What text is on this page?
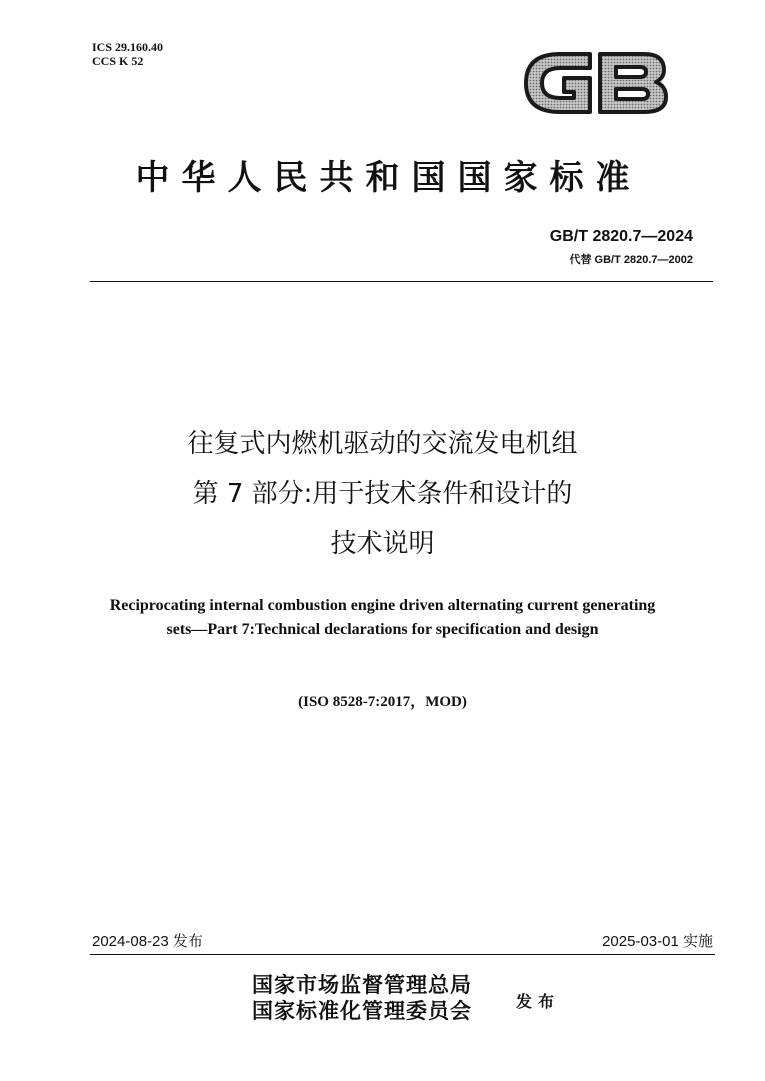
ICS 29.160.40
CCS K 52
中华人民共和国国家标准
GB/T 2820.7—2024
代替 GB/T 2820.7—2002
往复式内燃机驱动的交流发电机组
第 7 部分:用于技术条件和设计的
技术说明
Reciprocating internal combustion engine driven alternating current generating
sets—Part 7:Technical declarations for specification and design
(ISO 8528-7:2017，MOD)
2024-08-23 发布	2025-03-01 实施
国家市场监督管理总局
国家标准化管理委员会	发布
